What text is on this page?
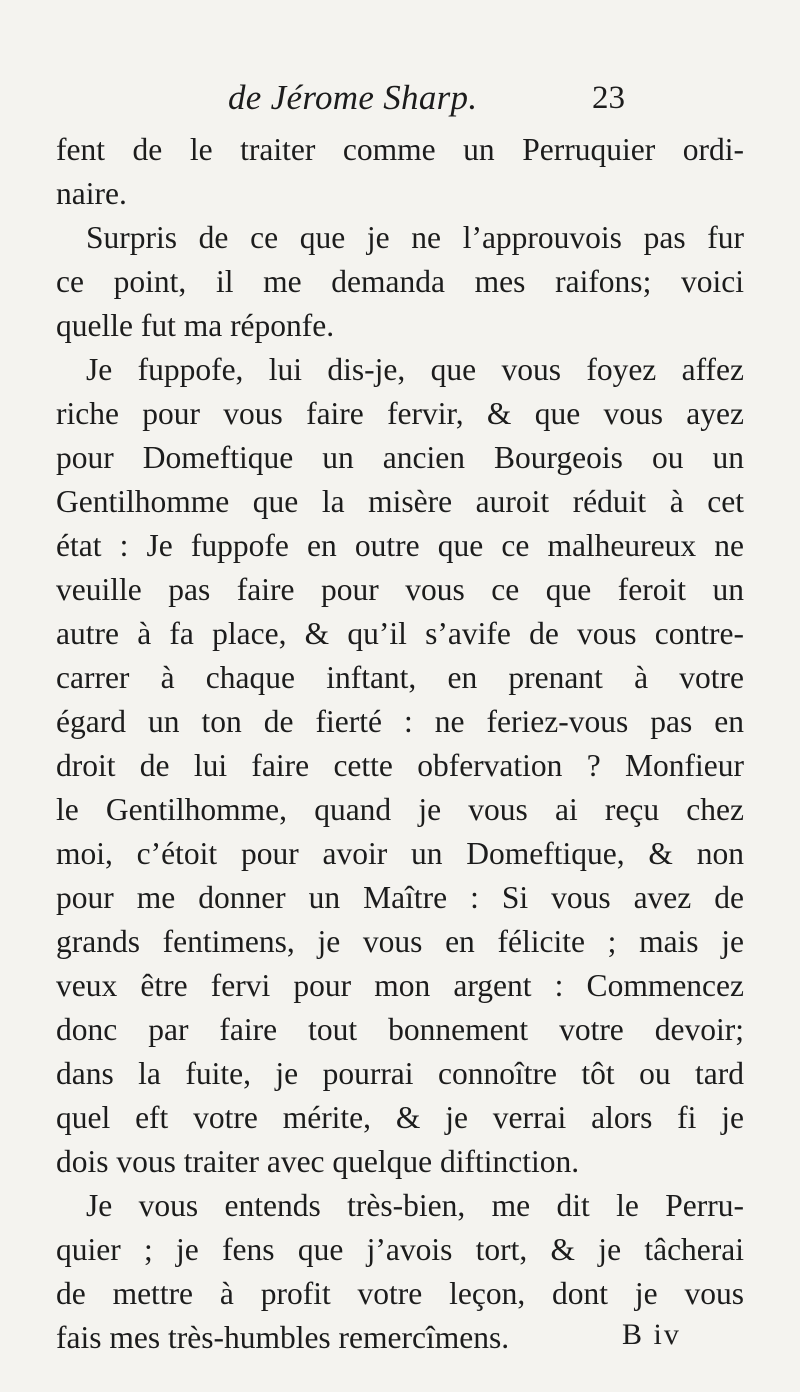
de Jérome Sharp.	23
fent de le traiter comme un Perruquier ordi-
naire.
Surpris de ce que je ne l’approuvois pas fur
ce point, il me demanda mes raifons; voici
quelle fut ma réponfe.
Je fuppofe, lui dis-je, que vous foyez affez
riche pour vous faire fervir, & que vous ayez
pour Domeftique un ancien Bourgeois ou un
Gentilhomme que la misère auroit réduit à cet
état : Je fuppofe en outre que ce malheureux ne
veuille pas faire pour vous ce que feroit un
autre à fa place, & qu’il s’avife de vous contre-
carrer à chaque inftant, en prenant à votre
égard un ton de fierté : ne feriez-vous pas en
droit de lui faire cette obfervation ? Monfieur
le Gentilhomme, quand je vous ai reçu chez
moi, c’étoit pour avoir un Domeftique, & non
pour me donner un Maître : Si vous avez de
grands fentimens, je vous en félicite ; mais je
veux être fervi pour mon argent : Commencez
donc par faire tout bonnement votre devoir;
dans la fuite, je pourrai connoître tôt ou tard
quel eft votre mérite, & je verrai alors fi je
dois vous traiter avec quelque diftinction.
Je vous entends très-bien, me dit le Perru-
quier ; je fens que j’avois tort, & je tâcherai
de mettre à profit votre leçon, dont je vous
fais mes très-humbles remercîmens.	B iv
